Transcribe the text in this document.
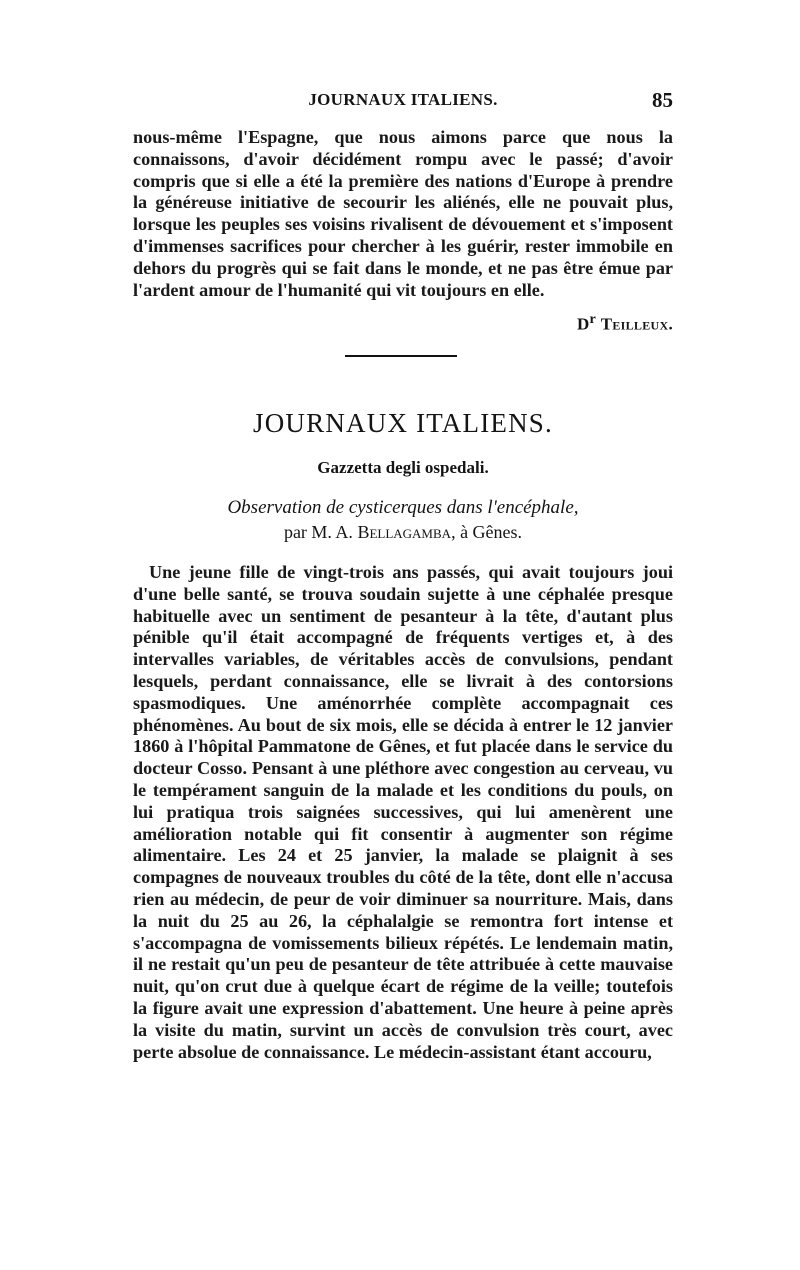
JOURNAUX ITALIENS.	85

nous-même l'Espagne, que nous aimons parce que nous la connaissons, d'avoir décidément rompu avec le passé; d'avoir compris que si elle a été la première des nations d'Europe à prendre la généreuse initiative de secourir les aliénés, elle ne pouvait plus, lorsque les peuples ses voisins rivalisent de dévouement et s'imposent d'immenses sacrifices pour chercher à les guérir, rester immobile en dehors du progrès qui se fait dans le monde, et ne pas être émue par l'ardent amour de l'humanité qui vit toujours en elle.

$D^r$ Teilleux.
JOURNAUX ITALIENS.
Gazzetta degli ospedali.
Observation de cysticerques dans l'encéphale,
par M. A. Bellagamba, à Gênes.

Une jeune fille de vingt-trois ans passés, qui avait toujours joui d'une belle santé, se trouva soudain sujette à une céphalée presque habituelle avec un sentiment de pesanteur à la tête, d'autant plus pénible qu'il était accompagné de fréquents vertiges et, à des intervalles variables, de véritables accès de convulsions, pendant lesquels, perdant connaissance, elle se livrait à des contorsions spasmodiques. Une aménorrhée complète accompagnait ces phénomènes. Au bout de six mois, elle se décida à entrer le 12 janvier 1860 à l'hôpital Pammatone de Gênes, et fut placée dans le service du docteur Cosso. Pensant à une pléthore avec congestion au cerveau, vu le tempérament sanguin de la malade et les conditions du pouls, on lui pratiqua trois saignées successives, qui lui amenèrent une amélioration notable qui fit consentir à augmenter son régime alimentaire. Les 24 et 25 janvier, la malade se plaignit à ses compagnes de nouveaux troubles du côté de la tête, dont elle n'accusa rien au médecin, de peur de voir diminuer sa nourriture. Mais, dans la nuit du 25 au 26, la céphalalgie se remontra fort intense et s'accompagna de vomissements bilieux répétés. Le lendemain matin, il ne restait qu'un peu de pesanteur de tête attribuée à cette mauvaise nuit, qu'on crut due à quelque écart de régime de la veille; toutefois la figure avait une expression d'abattement. Une heure à peine après la visite du matin, survint un accès de convulsion très court, avec perte absolue de connaissance. Le médecin-assistant étant accouru,
